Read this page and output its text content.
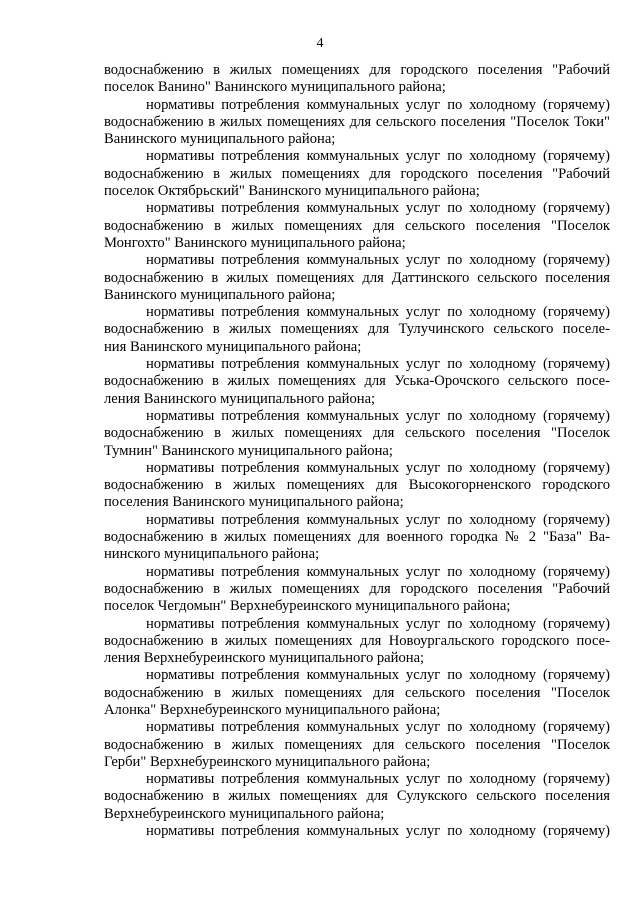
4
водоснабжению в жилых помещениях для городского поселения "Рабочий
поселок Ванино" Ванинского муниципального района;
нормативы потребления коммунальных услуг по холодному (горячему)
водоснабжению в жилых помещениях для сельского поселения "Поселок Токи"
Ванинского муниципального района;
нормативы потребления коммунальных услуг по холодному (горячему)
водоснабжению в жилых помещениях для городского поселения "Рабочий
поселок Октябрьский" Ванинского муниципального района;
нормативы потребления коммунальных услуг по холодному (горячему)
водоснабжению в жилых помещениях для сельского поселения "Поселок
Монгохто" Ванинского муниципального района;
нормативы потребления коммунальных услуг по холодному (горячему)
водоснабжению в жилых помещениях для Даттинского сельского поселения
Ванинского муниципального района;
нормативы потребления коммунальных услуг по холодному (горячему)
водоснабжению в жилых помещениях для Тулучинского сельского поселе-
ния Ванинского муниципального района;
нормативы потребления коммунальных услуг по холодному (горячему)
водоснабжению в жилых помещениях для Уська-Орочского сельского посе-
ления Ванинского муниципального района;
нормативы потребления коммунальных услуг по холодному (горячему)
водоснабжению в жилых помещениях для сельского поселения "Поселок
Тумнин" Ванинского муниципального района;
нормативы потребления коммунальных услуг по холодному (горячему)
водоснабжению в жилых помещениях для Высокогорненского городского
поселения Ванинского муниципального района;
нормативы потребления коммунальных услуг по холодному (горячему)
водоснабжению в жилых помещениях для военного городка № 2 "База" Ва-
нинского муниципального района;
нормативы потребления коммунальных услуг по холодному (горячему)
водоснабжению в жилых помещениях для городского поселения "Рабочий
поселок Чегдомын" Верхнебуреинского муниципального района;
нормативы потребления коммунальных услуг по холодному (горячему)
водоснабжению в жилых помещениях для Новоургальского городского посе-
ления Верхнебуреинского муниципального района;
нормативы потребления коммунальных услуг по холодному (горячему)
водоснабжению в жилых помещениях для сельского поселения "Поселок
Алонка" Верхнебуреинского муниципального района;
нормативы потребления коммунальных услуг по холодному (горячему)
водоснабжению в жилых помещениях для сельского поселения "Поселок
Герби" Верхнебуреинского муниципального района;
нормативы потребления коммунальных услуг по холодному (горячему)
водоснабжению в жилых помещениях для Сулукского сельского поселения
Верхнебуреинского муниципального района;
нормативы потребления коммунальных услуг по холодному (горячему)
